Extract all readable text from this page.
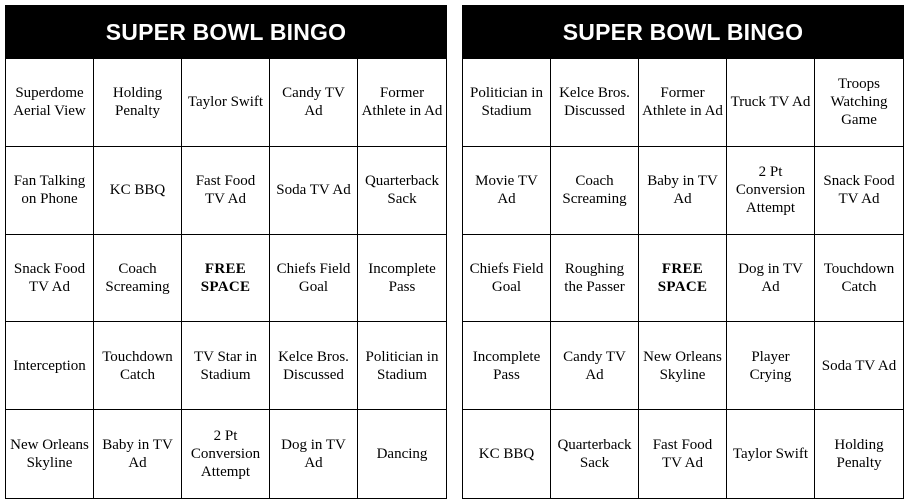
SUPER BOWL BINGO
Superdome Aerial View
Holding Penalty
Taylor Swift
Candy TV Ad
Former Athlete in Ad
Fan Talking on Phone
KC BBQ
Fast Food TV Ad
Soda TV Ad
Quarterback Sack
Snack Food TV Ad
Coach Screaming
FREE SPACE
Chiefs Field Goal
Incomplete Pass
Interception
Touchdown Catch
TV Star in Stadium
Kelce Bros. Discussed
Politician in Stadium
New Orleans Skyline
Baby in TV Ad
2 Pt Conversion Attempt
Dog in TV Ad
Dancing
SUPER BOWL BINGO
Politician in Stadium
Kelce Bros. Discussed
Former Athlete in Ad
Truck TV Ad
Troops Watching Game
Movie TV Ad
Coach Screaming
Baby in TV Ad
2 Pt Conversion Attempt
Snack Food TV Ad
Chiefs Field Goal
Roughing the Passer
FREE SPACE
Dog in TV Ad
Touchdown Catch
Incomplete Pass
Candy TV Ad
New Orleans Skyline
Player Crying
Soda TV Ad
KC BBQ
Quarterback Sack
Fast Food TV Ad
Taylor Swift
Holding Penalty
